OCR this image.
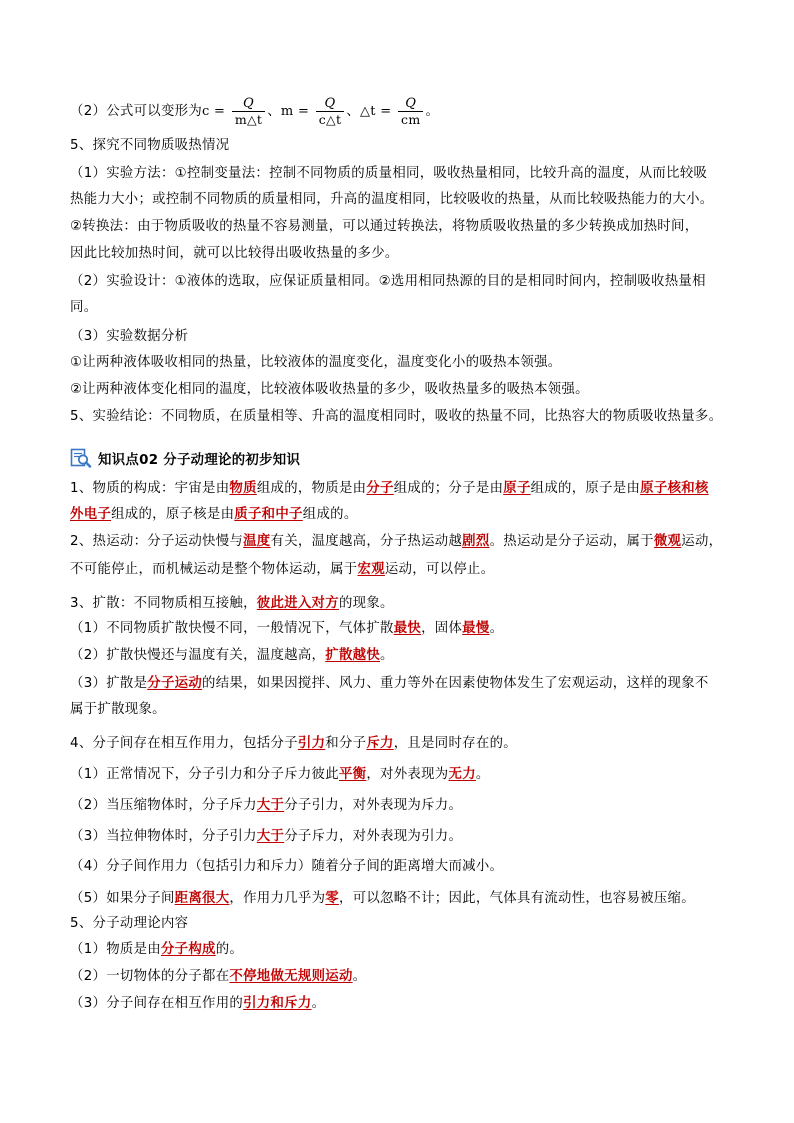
（2）公式可以变形为$c = \frac{Q}{m\triangle t}$ 、$m = \frac{Q}{c\triangle t}$ 、△t = $\frac{Q}{cm}$ 。
5、探究不同物质吸热情况
（1）实验方法：①控制变量法：控制不同物质的质量相同，吸收热量相同，比较升高的温度，从而比较吸
热能力大小；或控制不同物质的质量相同，升高的温度相同，比较吸收的热量，从而比较吸热能力的大小。
②转换法：由于物质吸收的热量不容易测量，可以通过转换法，将物质吸收热量的多少转换成加热时间，
因此比较加热时间，就可以比较得出吸收热量的多少。
（2）实验设计：①液体的选取，应保证质量相同。②选用相同热源的目的是相同时间内，控制吸收热量相
同。
（3）实验数据分析
①让两种液体吸收相同的热量，比较液体的温度变化，温度变化小的吸热本领强。
②让两种液体变化相同的温度，比较液体吸收热量的多少，吸收热量多的吸热本领强。
5、实验结论：不同物质，在质量相等、升高的温度相同时，吸收的热量不同，比热容大的物质吸收热量多。
知识点02 分子动理论的初步知识
1、物质的构成：宇宙是由物质组成的，物质是由分子组成的；分子是由原子组成的，原子是由原子核和核
外电子组成的，原子核是由质子和中子组成的。
2、热运动：分子运动快慢与温度有关，温度越高，分子热运动越剧烈。热运动是分子运动，属于微观运动，
不可能停止，而机械运动是整个物体运动，属于宏观运动，可以停止。
3、扩散：不同物质相互接触，彼此进入对方的现象。
（1）不同物质扩散快慢不同，一般情况下，气体扩散最快，固体最慢。
（2）扩散快慢还与温度有关，温度越高，扩散越快。
（3）扩散是分子运动的结果，如果因搅拌、风力、重力等外在因素使物体发生了宏观运动，这样的现象不
属于扩散现象。
4、分子间存在相互作用力，包括分子引力和分子斥力，且是同时存在的。
（1）正常情况下，分子引力和分子斥力彼此平衡，对外表现为无力。
（2）当压缩物体时，分子斥力大于分子引力，对外表现为斥力。
（3）当拉伸物体时，分子引力大于分子斥力，对外表现为引力。
（4）分子间作用力（包括引力和斥力）随着分子间的距离增大而减小。
（5）如果分子间距离很大，作用力几乎为零，可以忽略不计；因此，气体具有流动性，也容易被压缩。
5、分子动理论内容
（1）物质是由分子构成的。
（2）一切物体的分子都在不停地做无规则运动。
（3）分子间存在相互作用的引力和斥力。
